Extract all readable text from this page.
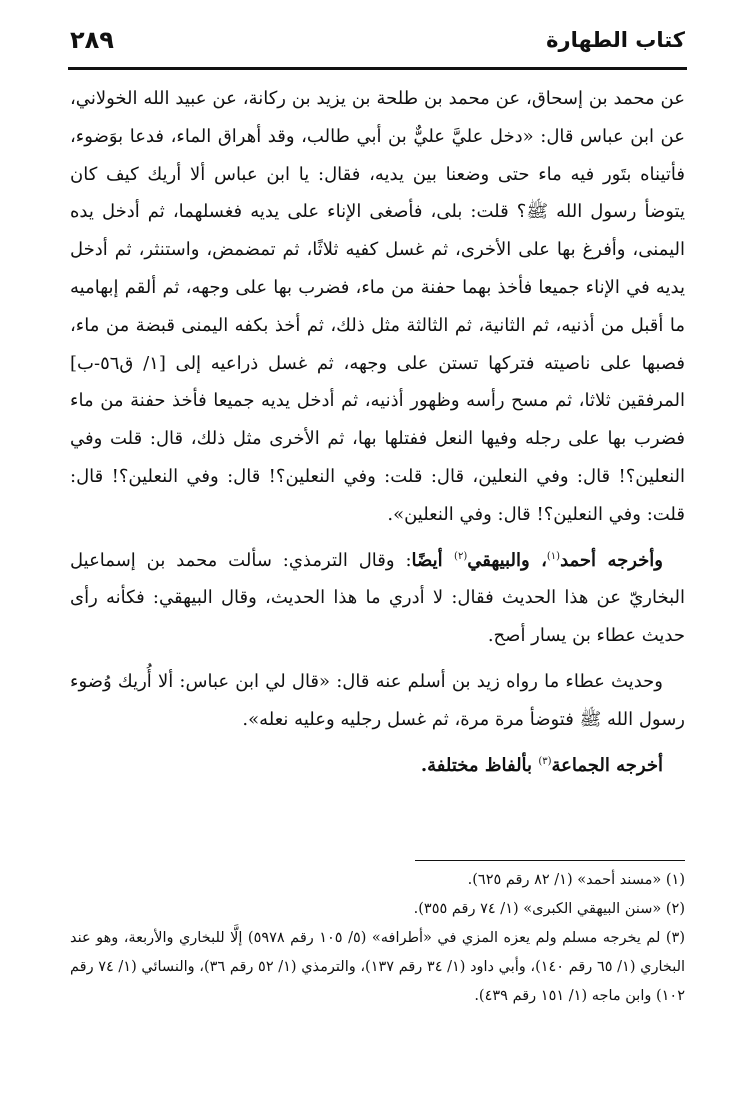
كتاب الطهارة
٢٨٩

عن محمد بن إسحاق، عن محمد بن طلحة بن يزيد بن ركانة، عن عبيد الله الخولاني، عن ابن عباس قال: «دخل عليَّ عليٌّ بن أبي طالب، وقد أهراق الماء، فدعا بوَضوء، فأتيناه بتَور فيه ماء حتى وضعنا بين يديه، فقال: يا ابن عباس ألا أريك كيف كان يتوضأ رسول الله ﷺ؟ قلت: بلى، فأصغى الإناء على يديه فغسلهما، ثم أدخل يده اليمنى، وأفرغ بها على الأخرى، ثم غسل كفيه ثلاثًا، ثم تمضمض، واستنثر، ثم أدخل يديه في الإناء جميعا فأخذ بهما حفنة من ماء، فضرب بها على وجهه، ثم ألقم إبهاميه ما أقبل من أذنيه، ثم الثانية، ثم الثالثة مثل ذلك، ثم أخذ بكفه اليمنى قبضة من ماء، فصبها على ناصيته فتركها تستن على وجهه، ثم غسل ذراعيه إلى [١/ ق٥٦-ب] المرفقين ثلاثا، ثم مسح رأسه وظهور أذنيه، ثم أدخل يديه جميعا فأخذ حفنة من ماء فضرب بها على رجله وفيها النعل ففتلها بها، ثم الأخرى مثل ذلك، قال: قلت وفي النعلين؟! قال: وفي النعلين، قال: قلت: وفي النعلين؟! قال: وفي النعلين؟! قال: قلت: وفي النعلين؟! قال: وفي النعلين».

وأخرجه أحمد$^{(١)}$، والبيهقي$^{(٢)}$ أيضًا: وقال الترمذي: سألت محمد بن إسماعيل البخاريّ عن هذا الحديث فقال: لا أدري ما هذا الحديث، وقال البيهقي: فكأنه رأى حديث عطاء بن يسار أصح.

وحديث عطاء ما رواه زيد بن أسلم عنه قال: «قال لي ابن عباس: ألا أُريك وُضوء رسول الله ﷺ فتوضأ مرة مرة، ثم غسل رجليه وعليه نعله».

أخرجه الجماعة$^{(٣)}$ بألفاظ مختلفة.

(١) «مسند أحمد» (١/ ٨٢ رقم ٦٢٥).

(٢) «سنن البيهقي الكبرى» (١/ ٧٤ رقم ٣٥٥).

(٣) لم يخرجه مسلم ولم يعزه المزي في «أطرافه» (٥/ ١٠٥ رقم ٥٩٧٨) إلَّا للبخاري والأربعة، وهو عند البخاري (١/ ٦٥ رقم ١٤٠)، وأبي داود (١/ ٣٤ رقم ١٣٧)، والترمذي (١/ ٥٢ رقم ٣٦)، والنسائي (١/ ٧٤ رقم ١٠٢) وابن ماجه (١/ ١٥١ رقم ٤٣٩).
